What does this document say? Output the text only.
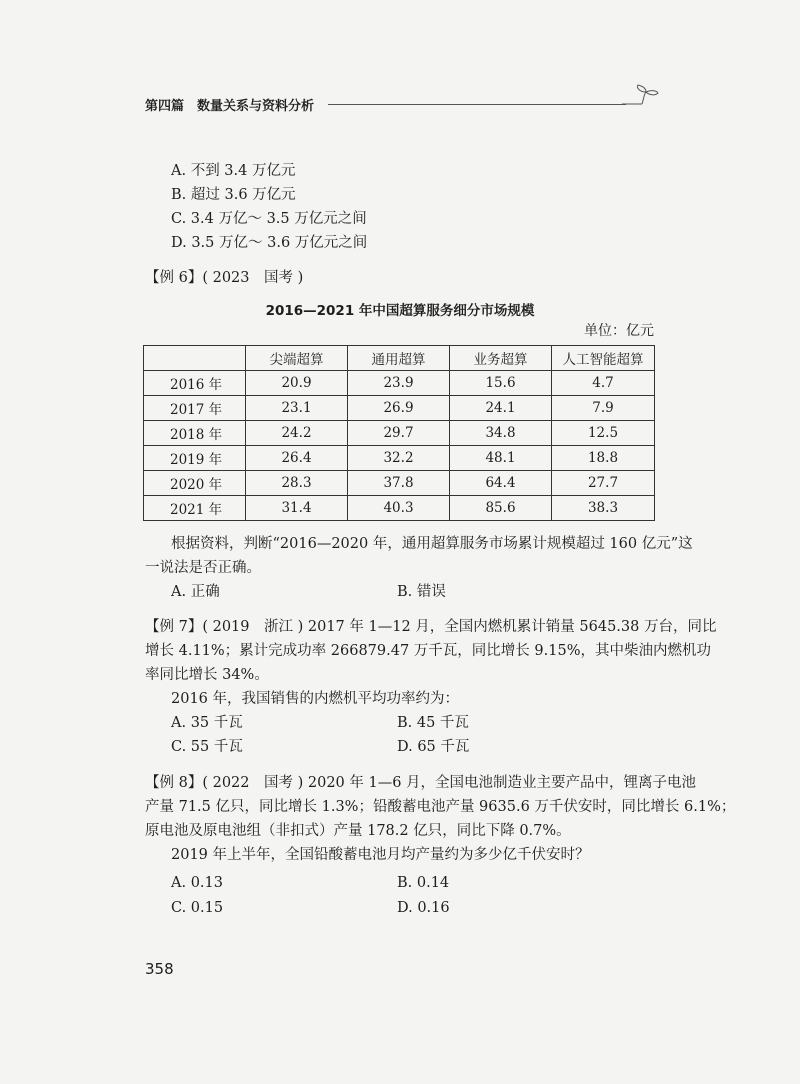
第四篇　数量关系与资料分析
A. 不到 3.4 万亿元
B. 超过 3.6 万亿元
C. 3.4 万亿～ 3.5 万亿元之间
D. 3.5 万亿～ 3.6 万亿元之间
【例 6】( 2023　国考 )
2016—2021 年中国超算服务细分市场规模
单位：亿元
	尖端超算	通用超算	业务超算	人工智能超算
2016 年	20.9	23.9	15.6	4.7
2017 年	23.1	26.9	24.1	7.9
2018 年	24.2	29.7	34.8	12.5
2019 年	26.4	32.2	48.1	18.8
2020 年	28.3	37.8	64.4	27.7
2021 年	31.4	40.3	85.6	38.3
根据资料，判断“2016—2020 年，通用超算服务市场累计规模超过 160 亿元”这
一说法是否正确。
A. 正确	B. 错误
【例 7】( 2019　浙江 ) 2017 年 1—12 月，全国内燃机累计销量 5645.38 万台，同比
增长 4.11%；累计完成功率 266879.47 万千瓦，同比增长 9.15%，其中柴油内燃机功
率同比增长 34%。
2016 年，我国销售的内燃机平均功率约为：
A. 35 千瓦	B. 45 千瓦
C. 55 千瓦	D. 65 千瓦
【例 8】( 2022　国考 ) 2020 年 1—6 月，全国电池制造业主要产品中，锂离子电池
产量 71.5 亿只，同比增长 1.3%；铅酸蓄电池产量 9635.6 万千伏安时，同比增长 6.1%；
原电池及原电池组（非扣式）产量 178.2 亿只，同比下降 0.7%。
2019 年上半年，全国铅酸蓄电池月均产量约为多少亿千伏安时？
A. 0.13	B. 0.14
C. 0.15	D. 0.16
358
